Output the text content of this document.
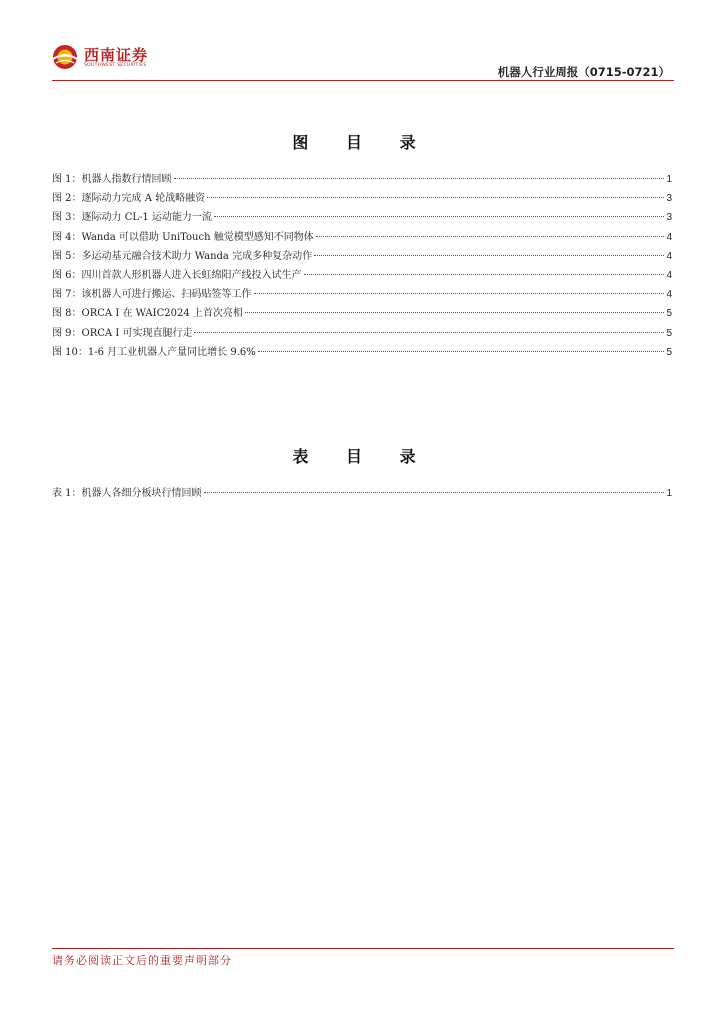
西南证券
SOUTHWEST SECURITIES	机器人行业周报（0715-0721）
图 目 录
图 1：机器人指数行情回顾	1
图 2：逐际动力完成 A 轮战略融资	3
图 3：逐际动力 CL-1 运动能力一流	3
图 4：Wanda 可以借助 UniTouch 触觉模型感知不同物体	4
图 5：多运动基元融合技术助力 Wanda 完成多种复杂动作	4
图 6：四川首款人形机器人进入长虹绵阳产线投入试生产	4
图 7：该机器人可进行搬运、扫码贴签等工作	4
图 8：ORCA Ⅰ 在 WAIC2024 上首次亮相	5
图 9：ORCA Ⅰ 可实现直腿行走	5
图 10：1-6 月工业机器人产量同比增长 9.6%	5
表 目 录
表 1：机器人各细分板块行情回顾	1
请务必阅读正文后的重要声明部分
